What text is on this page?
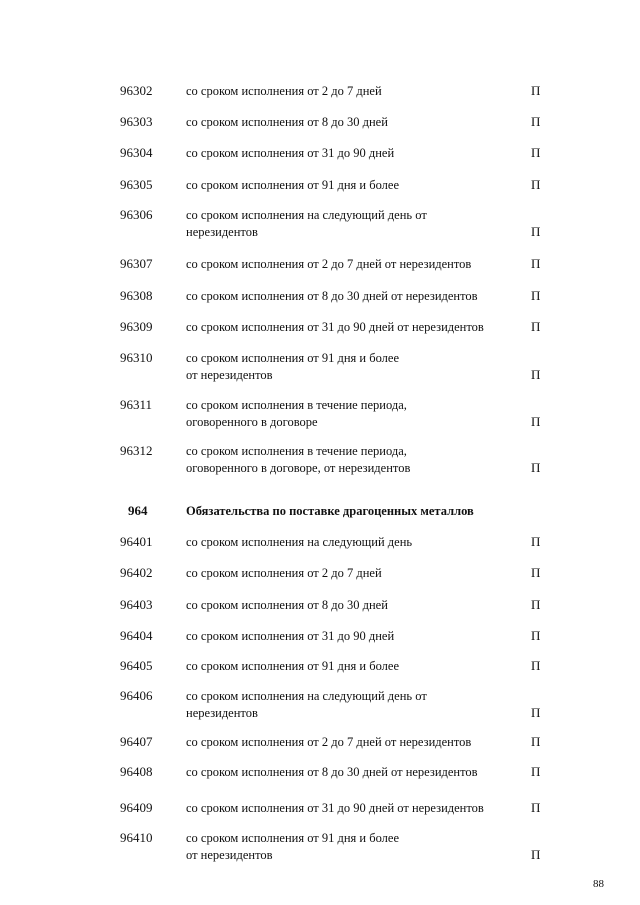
96302	со сроком исполнения от 2 до 7 дней	П
96303	со сроком исполнения от 8 до 30 дней	П
96304	со сроком исполнения от 31 до 90 дней	П
96305	со сроком исполнения от 91 дня и более	П
96306	со сроком исполнения на следующий день от
нерезидентов	П
96307	со сроком исполнения от 2 до 7 дней от нерезидентов	П
96308	со сроком исполнения от 8 до 30 дней от нерезидентов	П
96309	со сроком исполнения от 31 до 90 дней от нерезидентов	П
96310	со сроком исполнения от 91 дня и более
от нерезидентов	П
96311	со сроком исполнения в течение периода,
оговоренного в договоре	П
96312	со сроком исполнения в течение периода,
оговоренного в договоре, от нерезидентов	П
964	Обязательства по поставке драгоценных металлов
96401	со сроком исполнения на следующий день	П
96402	со сроком исполнения от 2 до 7 дней	П
96403	со сроком исполнения от 8 до 30 дней	П
96404	со сроком исполнения от 31 до 90 дней	П
96405	со сроком исполнения от 91 дня и более	П
96406	со сроком исполнения на следующий день от
нерезидентов	П
96407	со сроком исполнения от 2 до 7 дней от нерезидентов	П
96408	со сроком исполнения от 8 до 30 дней от нерезидентов	П
96409	со сроком исполнения от 31 до 90 дней от нерезидентов	П
96410	со сроком исполнения от 91 дня и более
от нерезидентов	П
88
